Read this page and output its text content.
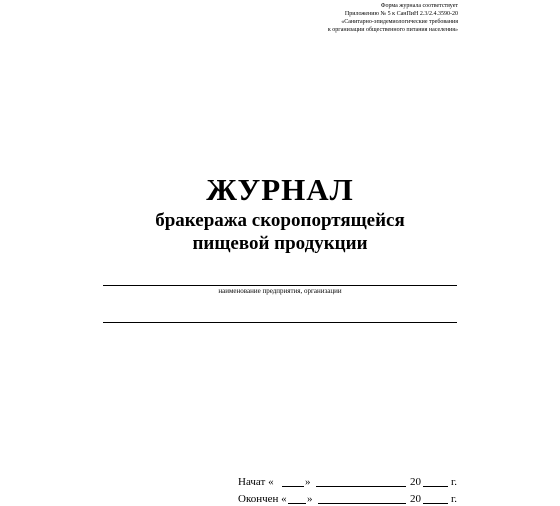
Форма журнала соответствует
Приложению № 5 к СанПиН 2.3/2.4.3590-20
«Санитарно-эпидемиологические требования
к организации общественного питания населения»
ЖУРНАЛ
бракеража скоропортящейся
пищевой продукции
наименование предприятия, организации
Начат «	»	20	г.
Окончен « »	20	г.
